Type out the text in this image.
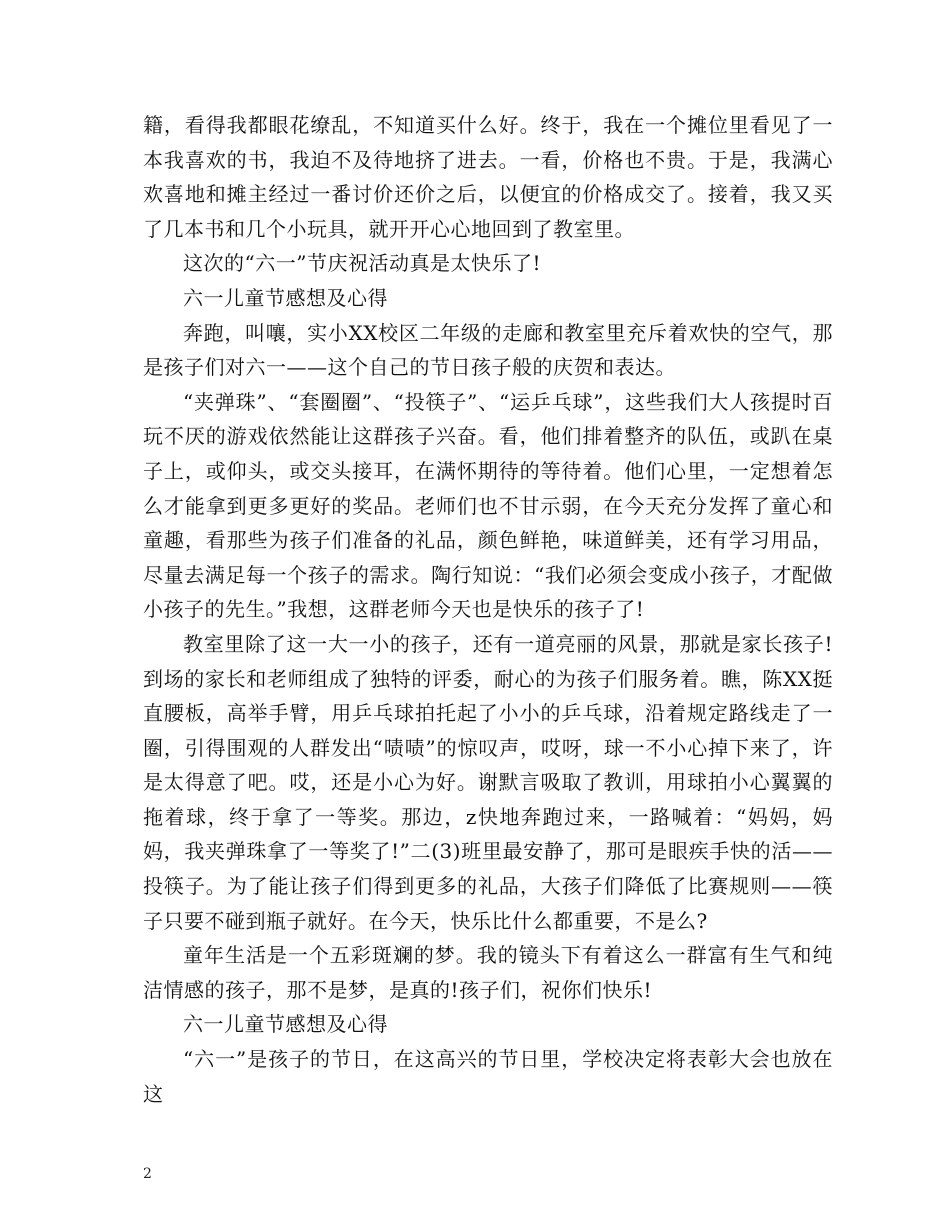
籍，看得我都眼花缭乱，不知道买什么好。终于，我在一个摊位里看见了一本我喜欢的书，我迫不及待地挤了进去。一看，价格也不贵。于是，我满心欢喜地和摊主经过一番讨价还价之后，以便宜的价格成交了。接着，我又买了几本书和几个小玩具，就开开心心地回到了教室里。

这次的“六一”节庆祝活动真是太快乐了!

六一儿童节感想及心得

奔跑，叫嚷，实小XX校区二年级的走廊和教室里充斥着欢快的空气，那是孩子们对六一——这个自己的节日孩子般的庆贺和表达。

“夹弹珠”、“套圈圈”、“投筷子”、“运乒乓球”，这些我们大人孩提时百玩不厌的游戏依然能让这群孩子兴奋。看，他们排着整齐的队伍，或趴在桌子上，或仰头，或交头接耳，在满怀期待的等待着。他们心里，一定想着怎么才能拿到更多更好的奖品。老师们也不甘示弱，在今天充分发挥了童心和童趣，看那些为孩子们准备的礼品，颜色鲜艳，味道鲜美，还有学习用品，尽量去满足每一个孩子的需求。陶行知说：“我们必须会变成小孩子，才配做小孩子的先生。”我想，这群老师今天也是快乐的孩子了!

教室里除了这一大一小的孩子，还有一道亮丽的风景，那就是家长孩子!到场的家长和老师组成了独特的评委，耐心的为孩子们服务着。瞧，陈XX挺直腰板，高举手臂，用乒乓球拍托起了小小的乒乓球，沿着规定路线走了一圈，引得围观的人群发出“啧啧”的惊叹声，哎呀，球一不小心掉下来了，许是太得意了吧。哎，还是小心为好。谢默言吸取了教训，用球拍小心翼翼的拖着球，终于拿了一等奖。那边，z快地奔跑过来，一路喊着：“妈妈，妈妈，我夹弹珠拿了一等奖了!”二(3)班里最安静了，那可是眼疾手快的活——投筷子。为了能让孩子们得到更多的礼品，大孩子们降低了比赛规则——筷子只要不碰到瓶子就好。在今天，快乐比什么都重要，不是么?

童年生活是一个五彩斑斓的梦。我的镜头下有着这么一群富有生气和纯洁情感的孩子，那不是梦，是真的!孩子们，祝你们快乐!

六一儿童节感想及心得

“六一”是孩子的节日，在这高兴的节日里，学校决定将表彰大会也放在这

2
